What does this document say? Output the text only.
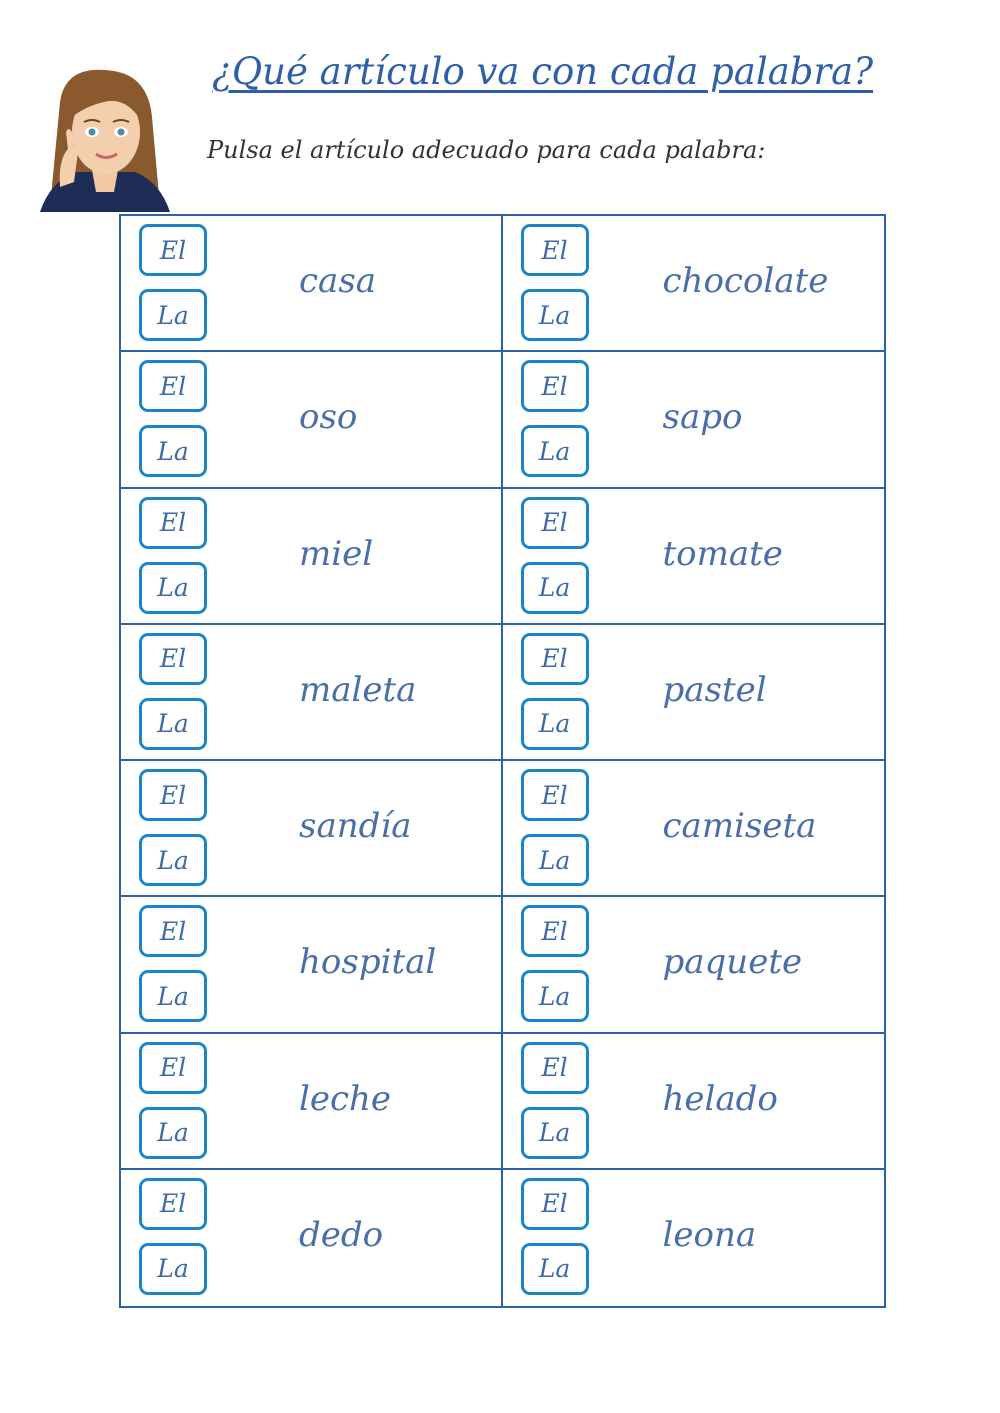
¿Qué artículo va con cada palabra?
Pulsa el artículo adecuado para cada palabra:
El
La
casa
El
La
chocolate
El
La
oso
El
La
sapo
El
La
miel
El
La
tomate
El
La
maleta
El
La
pastel
El
La
sandía
El
La
camiseta
El
La
hospital
El
La
paquete
El
La
leche
El
La
helado
El
La
dedo
El
La
leona
